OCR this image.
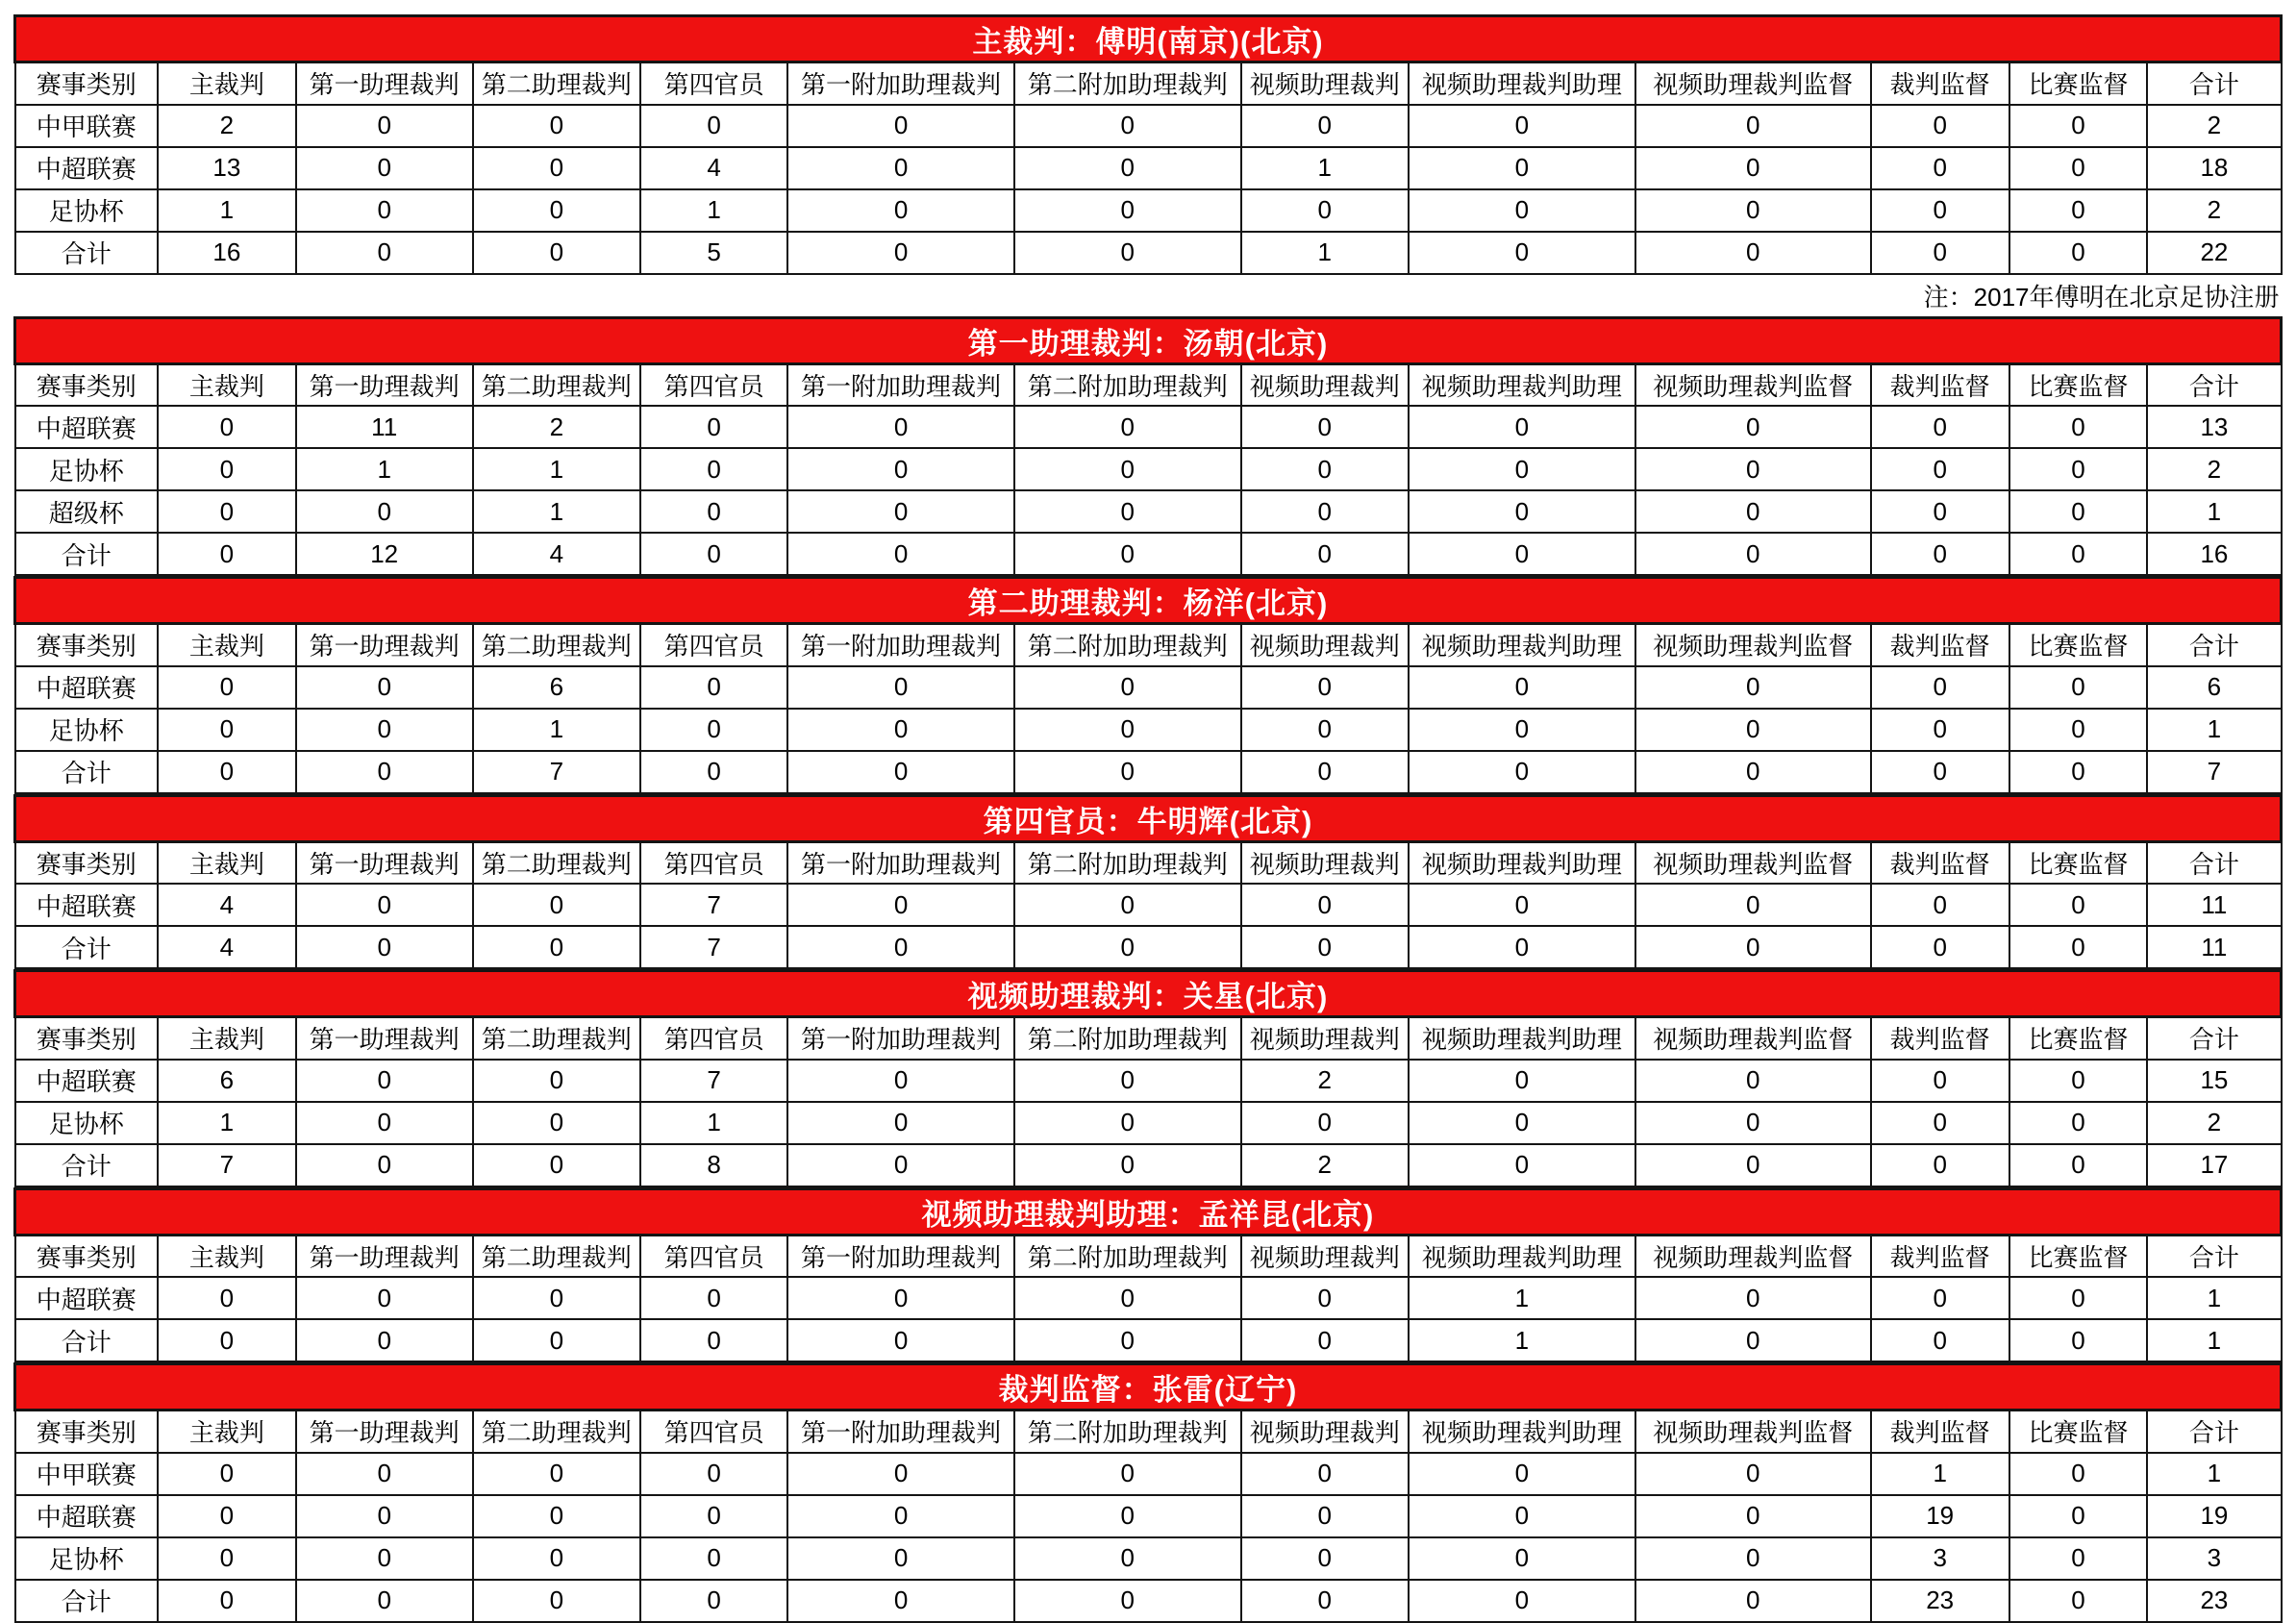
主裁判：傅明(南京)(北京)												
赛事类别	主裁判	第一助理裁判	第二助理裁判	第四官员	第一附加助理裁判	第二附加助理裁判	视频助理裁判	视频助理裁判助理	视频助理裁判监督	裁判监督	比赛监督	合计
中甲联赛	2	0	0	0	0	0	0	0	0	0	0	2
中超联赛	13	0	0	4	0	0	1	0	0	0	0	18
足协杯	1	0	0	1	0	0	0	0	0	0	0	2
合计	16	0	0	5	0	0	1	0	0	0	0	22
注：2017年傅明在北京足协注册												
第一助理裁判：汤朝(北京)												
赛事类别	主裁判	第一助理裁判	第二助理裁判	第四官员	第一附加助理裁判	第二附加助理裁判	视频助理裁判	视频助理裁判助理	视频助理裁判监督	裁判监督	比赛监督	合计
中超联赛	0	11	2	0	0	0	0	0	0	0	0	13
足协杯	0	1	1	0	0	0	0	0	0	0	0	2
超级杯	0	0	1	0	0	0	0	0	0	0	0	1
合计	0	12	4	0	0	0	0	0	0	0	0	16
第二助理裁判：杨洋(北京)												
赛事类别	主裁判	第一助理裁判	第二助理裁判	第四官员	第一附加助理裁判	第二附加助理裁判	视频助理裁判	视频助理裁判助理	视频助理裁判监督	裁判监督	比赛监督	合计
中超联赛	0	0	6	0	0	0	0	0	0	0	0	6
足协杯	0	0	1	0	0	0	0	0	0	0	0	1
合计	0	0	7	0	0	0	0	0	0	0	0	7
第四官员：牛明辉(北京)												
赛事类别	主裁判	第一助理裁判	第二助理裁判	第四官员	第一附加助理裁判	第二附加助理裁判	视频助理裁判	视频助理裁判助理	视频助理裁判监督	裁判监督	比赛监督	合计
中超联赛	4	0	0	7	0	0	0	0	0	0	0	11
合计	4	0	0	7	0	0	0	0	0	0	0	11
视频助理裁判：关星(北京)												
赛事类别	主裁判	第一助理裁判	第二助理裁判	第四官员	第一附加助理裁判	第二附加助理裁判	视频助理裁判	视频助理裁判助理	视频助理裁判监督	裁判监督	比赛监督	合计
中超联赛	6	0	0	7	0	0	2	0	0	0	0	15
足协杯	1	0	0	1	0	0	0	0	0	0	0	2
合计	7	0	0	8	0	0	2	0	0	0	0	17
视频助理裁判助理：孟祥昆(北京)												
赛事类别	主裁判	第一助理裁判	第二助理裁判	第四官员	第一附加助理裁判	第二附加助理裁判	视频助理裁判	视频助理裁判助理	视频助理裁判监督	裁判监督	比赛监督	合计
中超联赛	0	0	0	0	0	0	0	1	0	0	0	1
合计	0	0	0	0	0	0	0	1	0	0	0	1
裁判监督：张雷(辽宁)												
赛事类别	主裁判	第一助理裁判	第二助理裁判	第四官员	第一附加助理裁判	第二附加助理裁判	视频助理裁判	视频助理裁判助理	视频助理裁判监督	裁判监督	比赛监督	合计
中甲联赛	0	0	0	0	0	0	0	0	0	1	0	1
中超联赛	0	0	0	0	0	0	0	0	0	19	0	19
足协杯	0	0	0	0	0	0	0	0	0	3	0	3
合计	0	0	0	0	0	0	0	0	0	23	0	23
